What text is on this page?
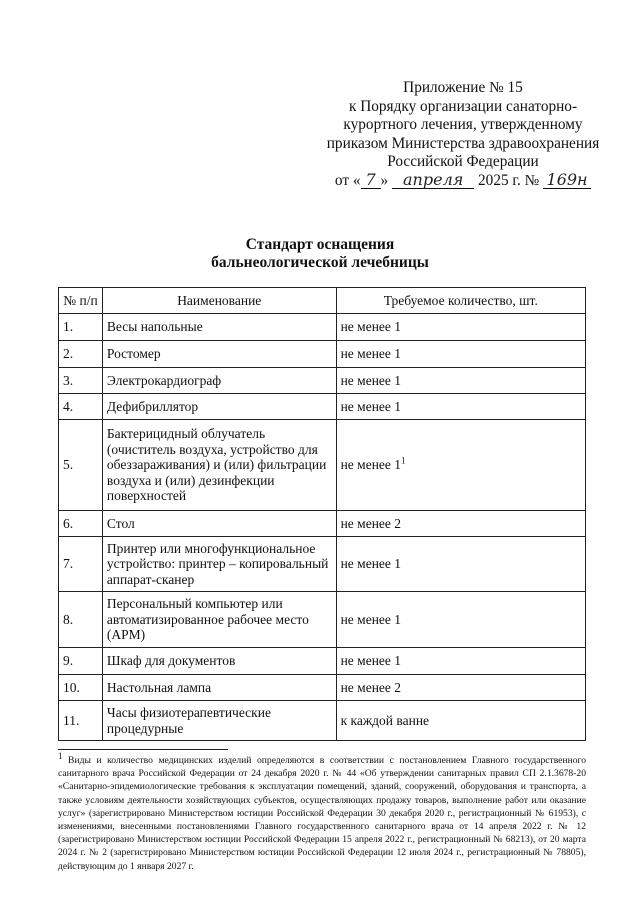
Приложение № 15
к Порядку организации санаторно-
курортного лечения, утвержденному
приказом Министерства здравоохранения
Российской Федерации
от « 7 » апреля 2025 г. № 169н
Стандарт оснащения
бальнеологической лечебницы
№ п/п	Наименование	Требуемое количество, шт.
1.	Весы напольные	не менее 1
2.	Ростомер	не менее 1
3.	Электрокардиограф	не менее 1
4.	Дефибриллятор	не менее 1
5.	Бактерицидный облучатель (очиститель воздуха, устройство для обеззараживания) и (или) фильтрации воздуха и (или) дезинфекции поверхностей	не менее $1^1$
6.	Стол	не менее 2
7.	Принтер или многофункциональное устройство: принтер – копировальный аппарат-сканер	не менее 1
8.	Персональный компьютер или автоматизированное рабочее место (АРМ)	не менее 1
9.	Шкаф для документов	не менее 1
10.	Настольная лампа	не менее 2
11.	Часы физиотерапевтические процедурные	к каждой ванне
$^1$ Виды и количество медицинских изделий определяются в соответствии с постановлением Главного государственного санитарного врача Российской Федерации от 24 декабря 2020 г. № 44 «Об утверждении санитарных правил СП 2.1.3678-20 «Санитарно-эпидемиологические требования к эксплуатации помещений, зданий, сооружений, оборудования и транспорта, а также условиям деятельности хозяйствующих субъектов, осуществляющих продажу товаров, выполнение работ или оказание услуг» (зарегистрировано Министерством юстиции Российской Федерации 30 декабря 2020 г., регистрационный № 61953), с изменениями, внесенными постановлениями Главного государственного санитарного врача от 14 апреля 2022 г. № 12 (зарегистрировано Министерством юстиции Российской Федерации 15 апреля 2022 г., регистрационный № 68213), от 20 марта 2024 г. № 2 (зарегистрировано Министерством юстиции Российской Федерации 12 июля 2024 г., регистрационный № 78805), действующим до 1 января 2027 г.
